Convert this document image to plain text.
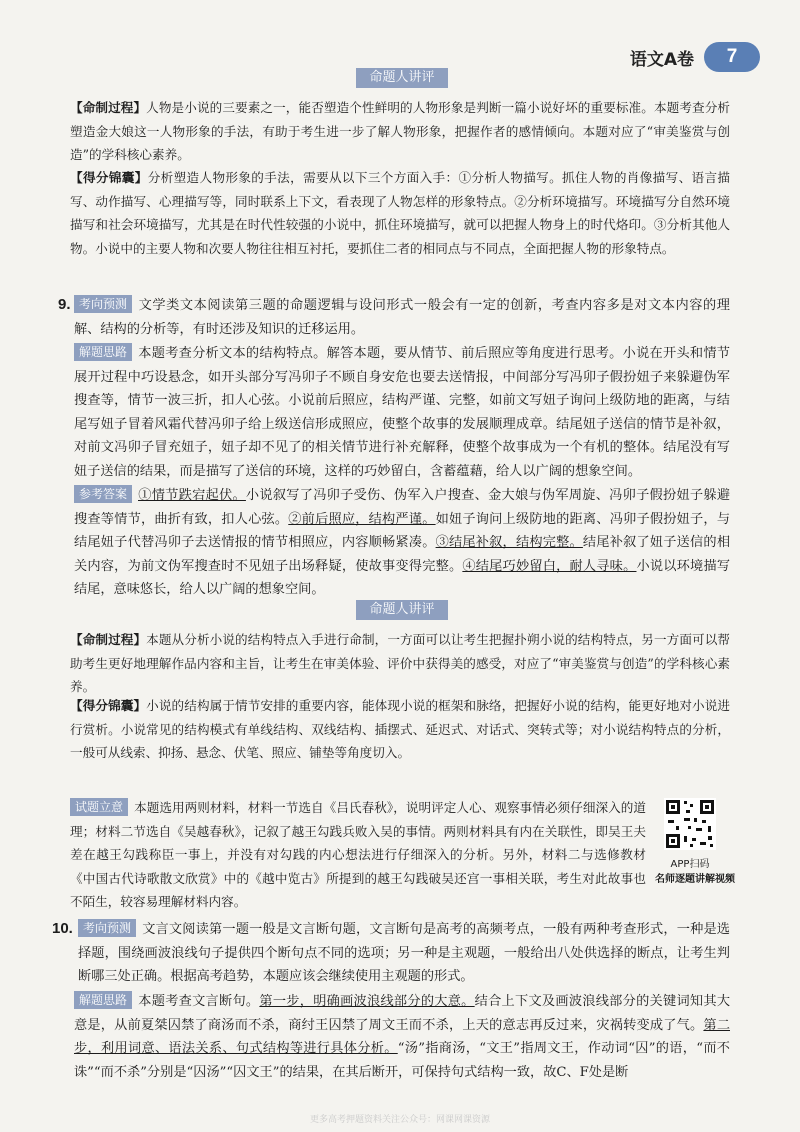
语文A卷	7
命题人讲评
【命制过程】人物是小说的三要素之一，能否塑造个性鲜明的人物形象是判断一篇小说好坏的重要标准。本题考查分析塑造金大娘这一人物形象的手法，有助于考生进一步了解人物形象，把握作者的感情倾向。本题对应了“审美鉴赏与创造”的学科核心素养。
【得分锦囊】分析塑造人物形象的手法，需要从以下三个方面入手：①分析人物描写。抓住人物的肖像描写、语言描写、动作描写、心理描写等，同时联系上下文，看表现了人物怎样的形象特点。②分析环境描写。环境描写分自然环境描写和社会环境描写，尤其是在时代性较强的小说中，抓住环境描写，就可以把握人物身上的时代烙印。③分析其他人物。小说中的主要人物和次要人物往往相互衬托，要抓住二者的相同点与不同点，全面把握人物的形象特点。
9. 考向预测 文学类文本阅读第三题的命题逻辑与设问形式一般会有一定的创新，考查内容多是对文本内容的理解、结构的分析等，有时还涉及知识的迁移运用。
解题思路 本题考查分析文本的结构特点。解答本题，要从情节、前后照应等角度进行思考。小说在开头和情节展开过程中巧设悬念，如开头部分写冯卯子不顾自身安危也要去送情报，中间部分写冯卯子假扮妞子来躲避伪军搜查等，情节一波三折，扣人心弦。小说前后照应，结构严谨、完整，如前文写妞子询问上级防地的距离，与结尾写妞子冒着风霜代替冯卯子给上级送信形成照应，使整个故事的发展顺理成章。结尾妞子送信的情节是补叙，对前文冯卯子冒充妞子，妞子却不见了的相关情节进行补充解释，使整个故事成为一个有机的整体。结尾没有写妞子送信的结果，而是描写了送信的环境，这样的巧妙留白，含蓄蕴藉，给人以广阔的想象空间。
参考答案 ①情节跌宕起伏。小说叙写了冯卯子受伤、伪军入户搜查、金大娘与伪军周旋、冯卯子假扮妞子躲避搜查等情节，曲折有致，扣人心弦。②前后照应，结构严谨。如妞子询问上级防地的距离、冯卯子假扮妞子，与结尾妞子代替冯卯子去送情报的情节相照应，内容顺畅紧凑。③结尾补叙，结构完整。结尾补叙了妞子送信的相关内容，为前文伪军搜查时不见妞子出场释疑，使故事变得完整。④结尾巧妙留白，耐人寻味。小说以环境描写结尾，意味悠长，给人以广阔的想象空间。
命题人讲评
【命制过程】本题从分析小说的结构特点入手进行命制，一方面可以让考生把握扑朔小说的结构特点，另一方面可以帮助考生更好地理解作品内容和主旨，让考生在审美体验、评价中获得美的感受，对应了“审美鉴赏与创造”的学科核心素养。
【得分锦囊】小说的结构属于情节安排的重要内容，能体现小说的框架和脉络，把握好小说的结构，能更好地对小说进行赏析。小说常见的结构模式有单线结构、双线结构、插摆式、延迟式、对话式、突转式等；对小说结构特点的分析，一般可从线索、抑扬、悬念、伏笔、照应、铺垫等角度切入。
试题立意 本题选用两则材料，材料一节选自《吕氏春秋》，说明评定人心、观察事情必须仔细深入的道理；材料二节选自《吴越春秋》，记叙了越王勾践兵败入吴的事情。两则材料具有内在关联性，即吴王夫差在越王勾践称臣一事上，并没有对勾践的内心想法进行仔细深入的分析。另外，材料二与选修教材《中国古代诗歌散文欣赏》中的《越中览古》所提到的越王勾践破吴还宫一事相关联，考生对此故事也不陌生，较容易理解材料内容。
APP扫码
名师逐题讲解视频
10. 考向预测 文言文阅读第一题一般是文言断句题，文言断句是高考的高频考点，一般有两种考查形式，一种是选择题，围绕画波浪线句子提供四个断句点不同的选项；另一种是主观题，一般给出八处供选择的断点，让考生判断哪三处正确。根据高考趋势，本题应该会继续使用主观题的形式。
解题思路 本题考查文言断句。第一步，明确画波浪线部分的大意。结合上下文及画波浪线部分的关键词知其大意是，从前夏桀囚禁了商汤而不杀，商纣王囚禁了周文王而不杀，上天的意志再反过来，灾祸转变成了气。第二步，利用词意、语法关系、句式结构等进行具体分析。“汤”指商汤，“文王”指周文王，作动词“囚”的语，“而不诛”“而不杀”分别是“囚汤”“囚文王”的结果，在其后断开，可保持句式结构一致，故C、F处是断
更多高考押题资料关注公众号：网课网课资源
